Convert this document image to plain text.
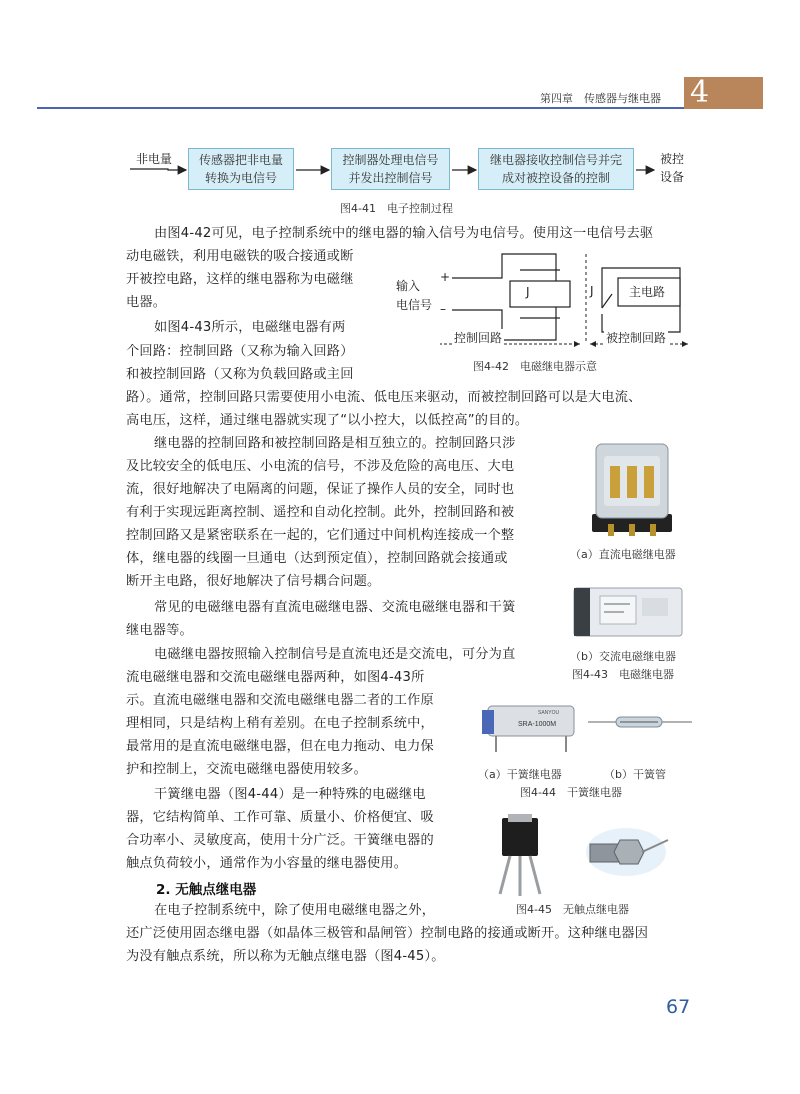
第四章　传感器与继电器 4
非电量	传感器把非电量转换为电信号
控制器处理电信号并发出控制信号
继电器接收控制信号并完成对被控设备的控制
被控设备
图4-41　电子控制过程
输入
电信号
+
–
J	J	主电路
控制回路	被控制回路
图4-42　电磁继电器示意
（a）直流电磁继电器
（b）交流电磁继电器
图4-43　电磁继电器
SRA-1000M
SANYOU
（a）干簧继电器	（b）干簧管
图4-44　干簧继电器
图4-45　无触点继电器
由图4-42可见，电子控制系统中的继电器的输入信号为电信号。使用这一电信号去驱
动电磁铁，利用电磁铁的吸合接通或断
开被控电路，这样的继电器称为电磁继
电器。
如图4-43所示，电磁继电器有两
个回路：控制回路（又称为输入回路）
和被控制回路（又称为负载回路或主回
路）。通常，控制回路只需要使用小电流、低电压来驱动，而被控制回路可以是大电流、
高电压，这样，通过继电器就实现了“以小控大，以低控高”的目的。
继电器的控制回路和被控制回路是相互独立的。控制回路只涉
及比较安全的低电压、小电流的信号，不涉及危险的高电压、大电
流，很好地解决了电隔离的问题，保证了操作人员的安全，同时也
有利于实现远距离控制、遥控和自动化控制。此外，控制回路和被
控制回路又是紧密联系在一起的，它们通过中间机构连接成一个整
体，继电器的线圈一旦通电（达到预定值），控制回路就会接通或
断开主电路，很好地解决了信号耦合问题。
常见的电磁继电器有直流电磁继电器、交流电磁继电器和干簧
继电器等。
电磁继电器按照输入控制信号是直流电还是交流电，可分为直
流电磁继电器和交流电磁继电器两种，如图4-43所
示。直流电磁继电器和交流电磁继电器二者的工作原
理相同，只是结构上稍有差别。在电子控制系统中，
最常用的是直流电磁继电器，但在电力拖动、电力保
护和控制上，交流电磁继电器使用较多。
干簧继电器（图4-44）是一种特殊的电磁继电
器，它结构简单、工作可靠、质量小、价格便宜、吸
合功率小、灵敏度高，使用十分广泛。干簧继电器的
触点负荷较小，通常作为小容量的继电器使用。
2. 无触点继电器
在电子控制系统中，除了使用电磁继电器之外，
还广泛使用固态继电器（如晶体三极管和晶闸管）控制电路的接通或断开。这种继电器因
为没有触点系统，所以称为无触点继电器（图4-45）。
67
